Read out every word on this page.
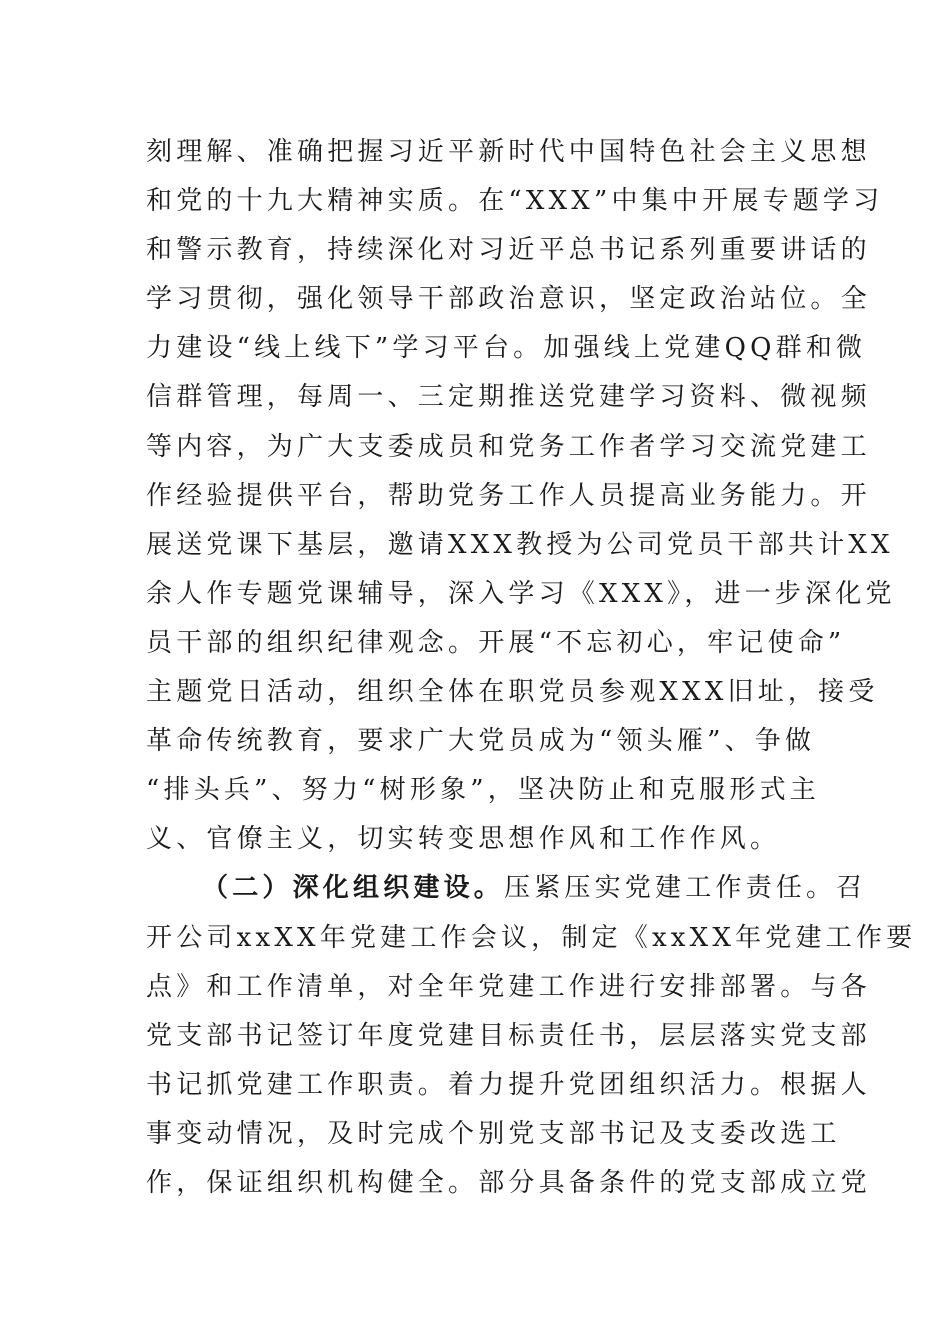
刻理解、准确把握习近平新时代中国特色社会主义思想
和党的十九大精神实质。在“XXX”中集中开展专题学习
和警示教育，持续深化对习近平总书记系列重要讲话的
学习贯彻，强化领导干部政治意识，坚定政治站位。全
力建设“线上线下”学习平台。加强线上党建QQ群和微
信群管理，每周一、三定期推送党建学习资料、微视频
等内容，为广大支委成员和党务工作者学习交流党建工
作经验提供平台，帮助党务工作人员提高业务能力。开
展送党课下基层，邀请XXX教授为公司党员干部共计XX
余人作专题党课辅导，深入学习《XXX》，进一步深化党
员干部的组织纪律观念。开展“不忘初心，牢记使命”
主题党日活动，组织全体在职党员参观XXX旧址，接受
革命传统教育，要求广大党员成为“领头雁”、争做
“排头兵”、努力“树形象”，坚决防止和克服形式主
义、官僚主义，切实转变思想作风和工作作风。
（二）深化组织建设。压紧压实党建工作责任。召
开公司xxXX年党建工作会议，制定《xxXX年党建工作要
点》和工作清单，对全年党建工作进行安排部署。与各
党支部书记签订年度党建目标责任书，层层落实党支部
书记抓党建工作职责。着力提升党团组织活力。根据人
事变动情况，及时完成个别党支部书记及支委改选工
作，保证组织机构健全。部分具备条件的党支部成立党
